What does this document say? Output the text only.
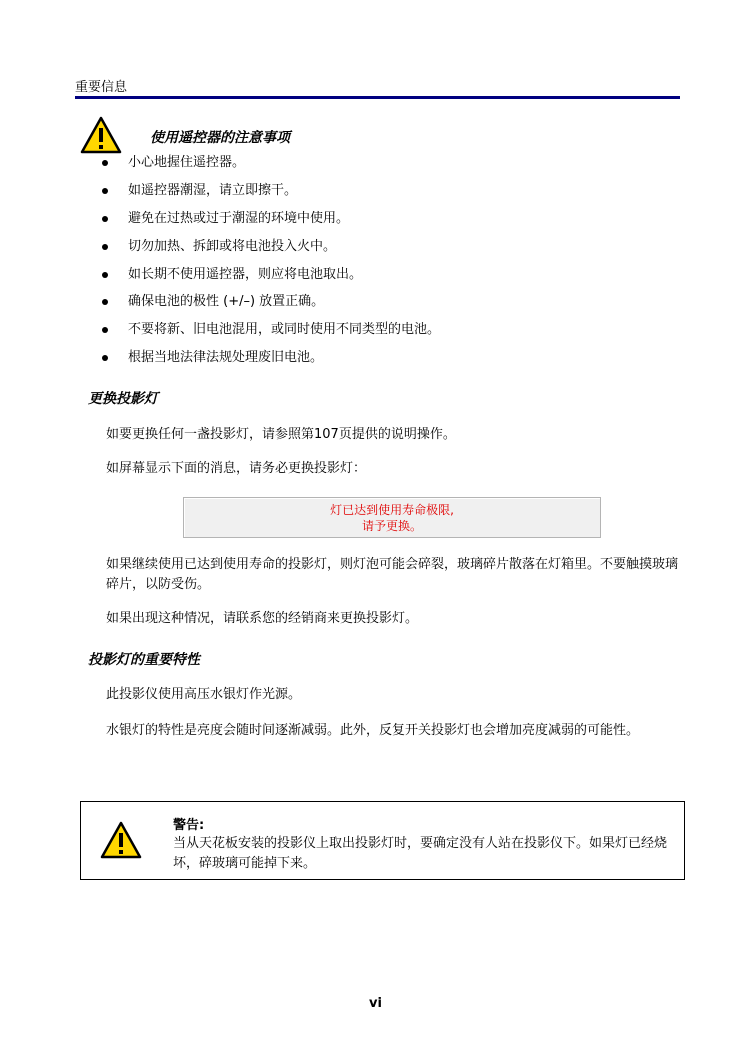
重要信息
使用遥控器的注意事项
小心地握住遥控器。
如遥控器潮湿，请立即擦干。
避免在过热或过于潮湿的环境中使用。
切勿加热、拆卸或将电池投入火中。
如长期不使用遥控器，则应将电池取出。
确保电池的极性 (+/–) 放置正确。
不要将新、旧电池混用，或同时使用不同类型的电池。
根据当地法律法规处理废旧电池。
更换投影灯
如要更换任何一盏投影灯，请参照第107页提供的说明操作。
如屏幕显示下面的消息，请务必更换投影灯：
灯已达到使用寿命极限,
请予更换。
如果继续使用已达到使用寿命的投影灯，则灯泡可能会碎裂，玻璃碎片散落在灯箱里。不要触摸玻璃碎片，以防受伤。
如果出现这种情况，请联系您的经销商来更换投影灯。
投影灯的重要特性
此投影仪使用高压水银灯作光源。
水银灯的特性是亮度会随时间逐渐减弱。此外，反复开关投影灯也会增加亮度减弱的可能性。
警告:
当从天花板安装的投影仪上取出投影灯时，要确定没有人站在投影仪下。如果灯已经烧坏，碎玻璃可能掉下来。
vi
